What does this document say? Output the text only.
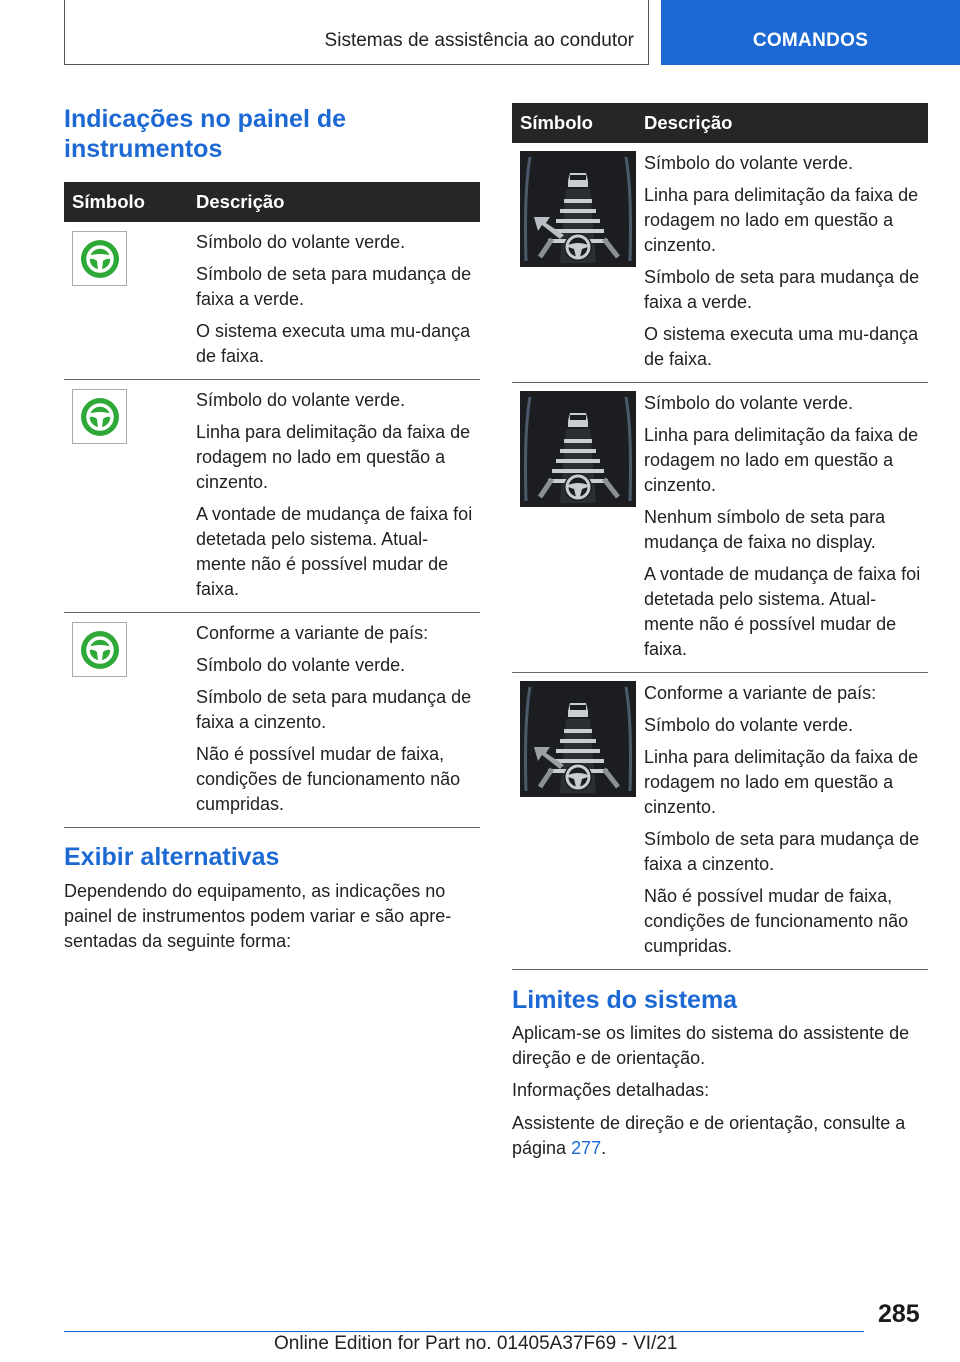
Sistemas de assistência ao condutor	COMANDOS
Indicações no painel de instrumentos
Símbolo	Descrição

Símbolo do volante verde.
Símbolo de seta para mudança de faixa a verde.
O sistema executa uma mu‐dança de faixa.

Símbolo do volante verde.
Linha para delimitação da faixa de rodagem no lado em questão a cinzento.
A vontade de mudança de faixa foi detetada pelo sistema. Atual‐mente não é possível mudar de faixa.

Conforme a variante de país:
Símbolo do volante verde.
Símbolo de seta para mudança de faixa a cinzento.
Não é possível mudar de faixa, condições de funcionamento não cumpridas.
Exibir alternativas

Dependendo do equipamento, as indicações no painel de instrumentos podem variar e são apre‐sentadas da seguinte forma:

Símbolo	Descrição

Símbolo do volante verde.
Linha para delimitação da faixa de rodagem no lado em questão a cinzento.
Símbolo de seta para mudança de faixa a verde.
O sistema executa uma mu‐dança de faixa.

Símbolo do volante verde.
Linha para delimitação da faixa de rodagem no lado em questão a cinzento.
Nenhum símbolo de seta para mudança de faixa no display.
A vontade de mudança de faixa foi detetada pelo sistema. Atual‐mente não é possível mudar de faixa.

Conforme a variante de país:
Símbolo do volante verde.
Linha para delimitação da faixa de rodagem no lado em questão a cinzento.
Símbolo de seta para mudança de faixa a cinzento.
Não é possível mudar de faixa, condições de funcionamento não cumpridas.
Limites do sistema

Aplicam-se os limites do sistema do assistente de direção e de orientação.

Informações detalhadas:

Assistente de direção e de orientação, consulte a página 277.

285
Online Edition for Part no. 01405A37F69 - VI/21
